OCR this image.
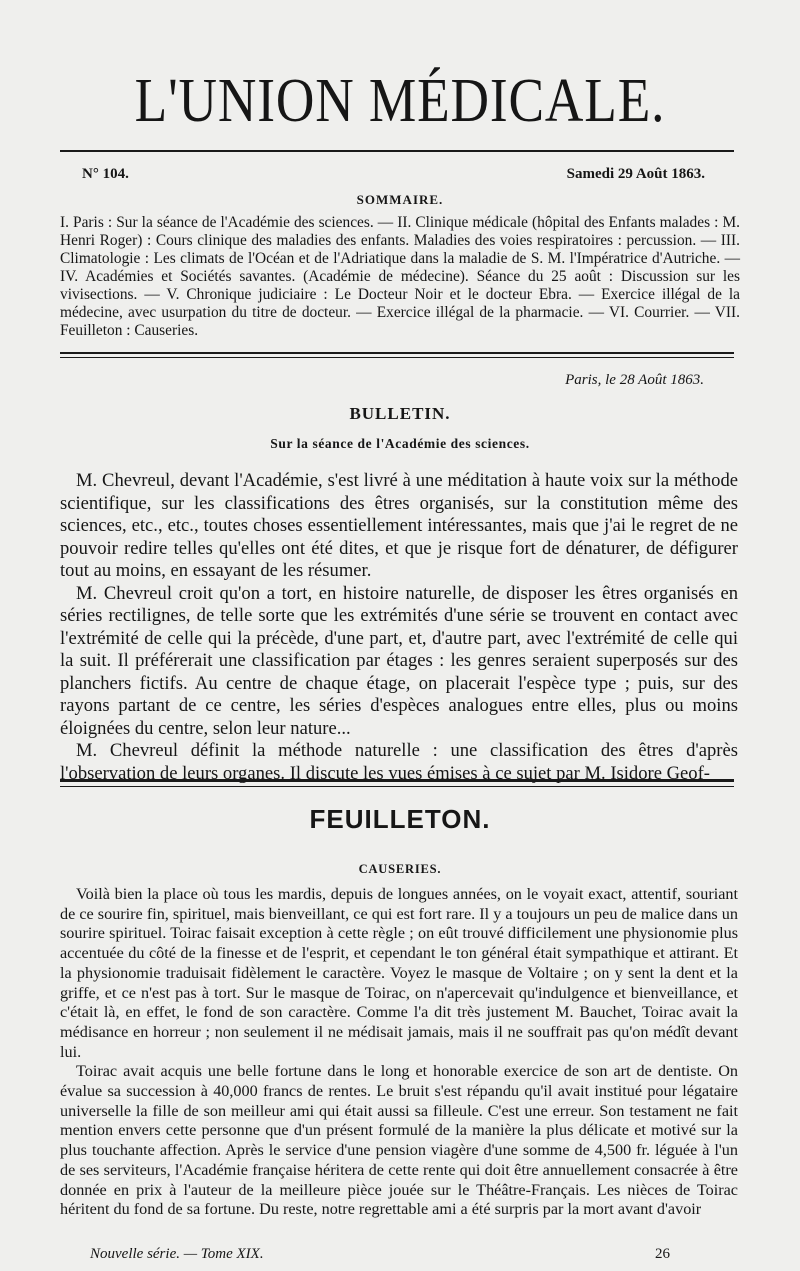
L'UNION MÉDICALE.
N° 104.	Samedi 29 Août 1863.
SOMMAIRE.

I. Paris : Sur la séance de l'Académie des sciences. — II. Clinique médicale (hôpital des Enfants malades : M. Henri Roger) : Cours clinique des maladies des enfants. Maladies des voies respiratoires : percussion. — III. Climatologie : Les climats de l'Océan et de l'Adriatique dans la maladie de S. M. l'Impératrice d'Autriche. — IV. Académies et Sociétés savantes. (Académie de médecine). Séance du 25 août : Discussion sur les vivisections. — V. Chronique judiciaire : Le Docteur Noir et le docteur Ebra. — Exercice illégal de la médecine, avec usurpation du titre de docteur. — Exercice illégal de la pharmacie. — VI. Courrier. — VII. Feuilleton : Causeries.

Paris, le 28 Août 1863.
BULLETIN.
Sur la séance de l'Académie des sciences.

M. Chevreul, devant l'Académie, s'est livré à une méditation à haute voix sur la méthode scientifique, sur les classifications des êtres organisés, sur la constitution même des sciences, etc., etc., toutes choses essentiellement intéressantes, mais que j'ai le regret de ne pouvoir redire telles qu'elles ont été dites, et que je risque fort de dénaturer, de défigurer tout au moins, en essayant de les résumer.

M. Chevreul croit qu'on a tort, en histoire naturelle, de disposer les êtres organisés en séries rectilignes, de telle sorte que les extrémités d'une série se trouvent en contact avec l'extrémité de celle qui la précède, d'une part, et, d'autre part, avec l'extrémité de celle qui la suit. Il préférerait une classification par étages : les genres seraient superposés sur des planchers fictifs. Au centre de chaque étage, on placerait l'espèce type ; puis, sur des rayons partant de ce centre, les séries d'espèces analogues entre elles, plus ou moins éloignées du centre, selon leur nature...

M. Chevreul définit la méthode naturelle : une classification des êtres d'après l'observation de leurs organes. Il discute les vues émises à ce sujet par M. Isidore Geof-

FEUILLETON.
CAUSERIES.

Voilà bien la place où tous les mardis, depuis de longues années, on le voyait exact, attentif, souriant de ce sourire fin, spirituel, mais bienveillant, ce qui est fort rare. Il y a toujours un peu de malice dans un sourire spirituel. Toirac faisait exception à cette règle ; on eût trouvé difficilement une physionomie plus accentuée du côté de la finesse et de l'esprit, et cependant le ton général était sympathique et attirant. Et la physionomie traduisait fidèlement le caractère. Voyez le masque de Voltaire ; on y sent la dent et la griffe, et ce n'est pas à tort. Sur le masque de Toirac, on n'apercevait qu'indulgence et bienveillance, et c'était là, en effet, le fond de son caractère. Comme l'a dit très justement M. Bauchet, Toirac avait la médisance en horreur ; non seulement il ne médisait jamais, mais il ne souffrait pas qu'on médît devant lui.

Toirac avait acquis une belle fortune dans le long et honorable exercice de son art de dentiste. On évalue sa succession à 40,000 francs de rentes. Le bruit s'est répandu qu'il avait institué pour légataire universelle la fille de son meilleur ami qui était aussi sa filleule. C'est une erreur. Son testament ne fait mention envers cette personne que d'un présent formulé de la manière la plus délicate et motivé sur la plus touchante affection. Après le service d'une pension viagère d'une somme de 4,500 fr. léguée à l'un de ses serviteurs, l'Académie française héritera de cette rente qui doit être annuellement consacrée à être donnée en prix à l'auteur de la meilleure pièce jouée sur le Théâtre-Français. Les nièces de Toirac héritent du fond de sa fortune. Du reste, notre regrettable ami a été surpris par la mort avant d'avoir

Nouvelle série. — Tome XIX.	26
